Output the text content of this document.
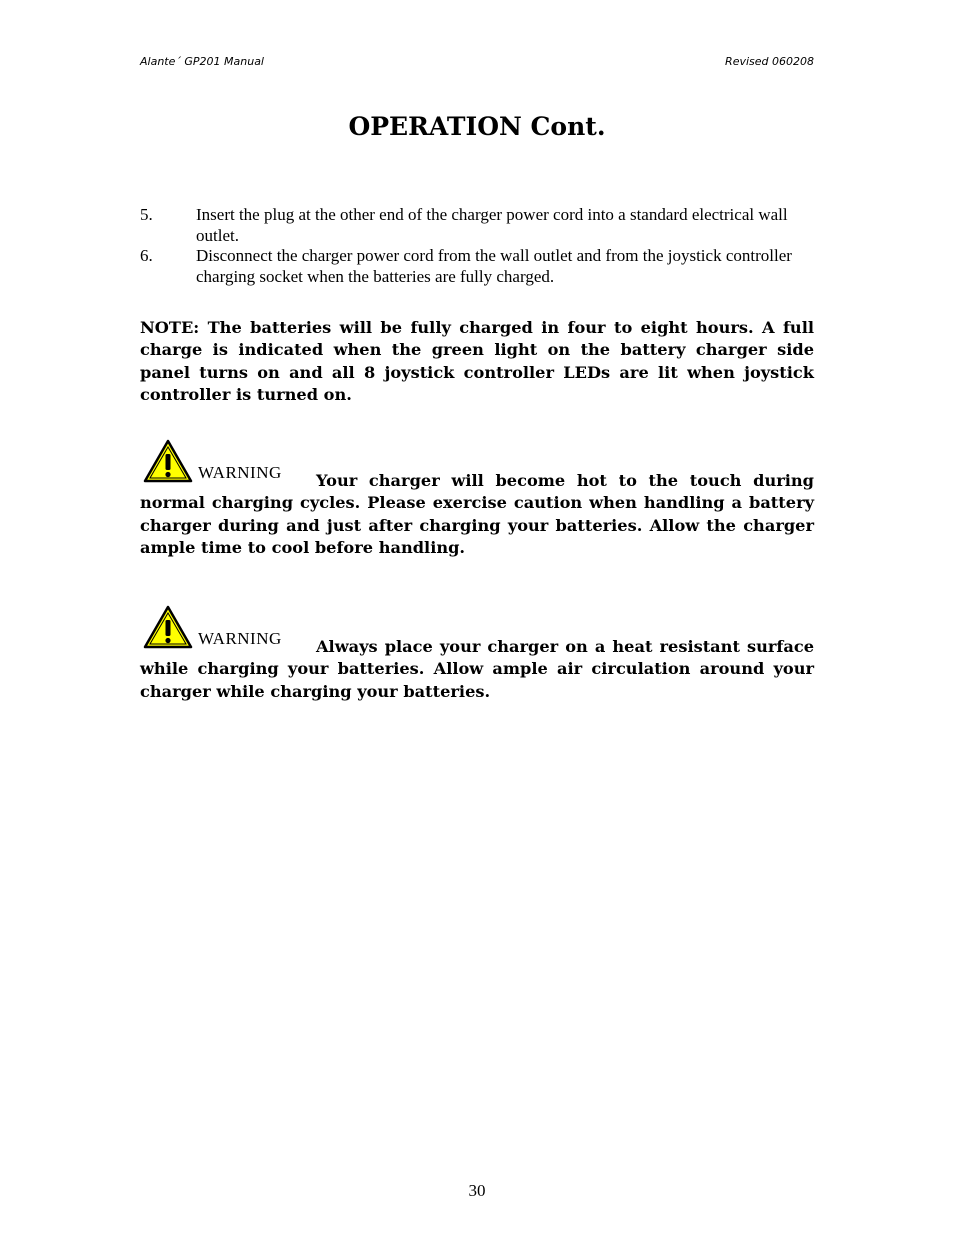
Alante´ GP201 Manual	Revised 060208
OPERATION Cont.
5.	Insert the plug at the other end of the charger power cord into a standard electrical wall outlet.
6.	Disconnect the charger power cord from the wall outlet and from the joystick controller charging socket when the batteries are fully charged.

NOTE: The batteries will be fully charged in four to eight hours. A full charge is indicated when the green light on the battery charger side panel turns on and all 8 joystick controller LEDs are lit when joystick controller is turned on.

WARNING	Your charger will become hot to the touch during normal charging cycles. Please exercise caution when handling a battery charger during and just after charging your batteries. Allow the charger ample time to cool before handling.
WARNING	Always place your charger on a heat resistant surface while charging your batteries. Allow ample air circulation around your charger while charging your batteries.
30
